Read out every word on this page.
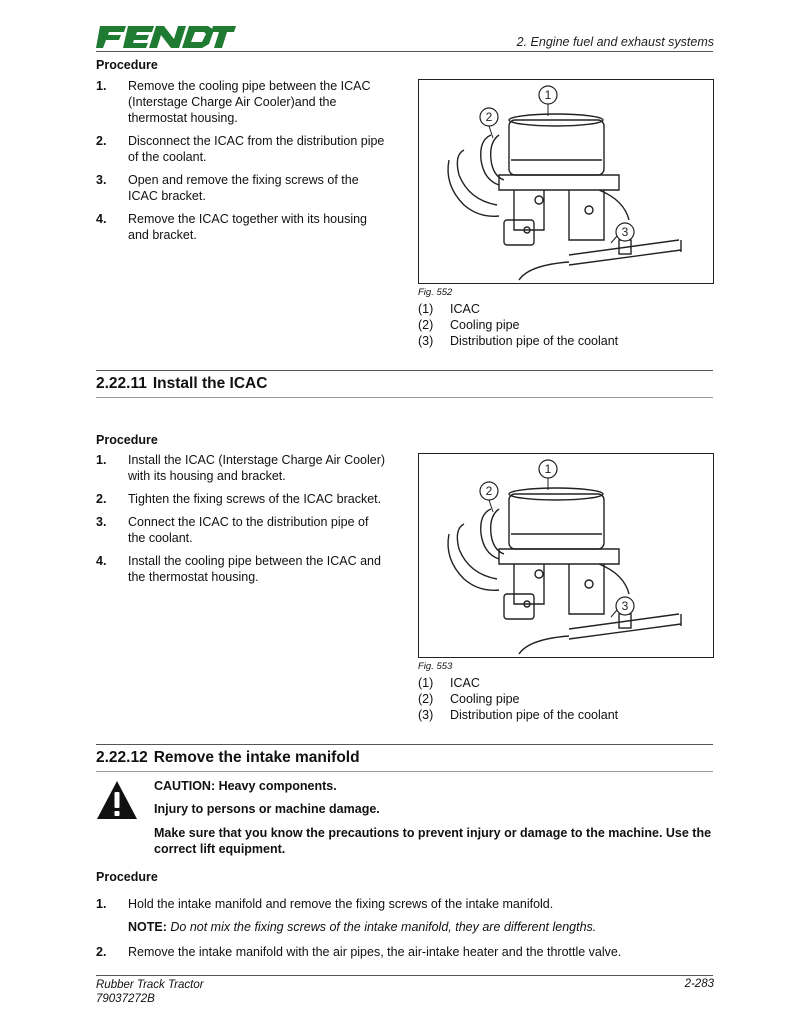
2. Engine fuel and exhaust systems
Procedure
1. Remove the cooling pipe between the ICAC (Interstage Charge Air Cooler)and the thermostat housing.
2. Disconnect the ICAC from the distribution pipe of the coolant.
3. Open and remove the fixing screws of the ICAC bracket.
4. Remove the ICAC together with its housing and bracket.
1
2
3
Fig. 552
(1)	ICAC
(2)	Cooling pipe
(3)	Distribution pipe of the coolant
2.22.11 Install the ICAC
Procedure
1. Install the ICAC (Interstage Charge Air Cooler) with its housing and bracket.
2. Tighten the fixing screws of the ICAC bracket.
3. Connect the ICAC to the distribution pipe of the coolant.
4. Install the cooling pipe between the ICAC and the thermostat housing.
1
2
3
Fig. 553
(1)	ICAC
(2)	Cooling pipe
(3)	Distribution pipe of the coolant
2.22.12 Remove the intake manifold
CAUTION: Heavy components.
Injury to persons or machine damage.
Make sure that you know the precautions to prevent injury or damage to the machine. Use the correct lift equipment.
Procedure
1. Hold the intake manifold and remove the fixing screws of the intake manifold.
NOTE: Do not mix the fixing screws of the intake manifold, they are different lengths.
2. Remove the intake manifold with the air pipes, the air-intake heater and the throttle valve.
Rubber Track Tractor
79037272B
2-283
